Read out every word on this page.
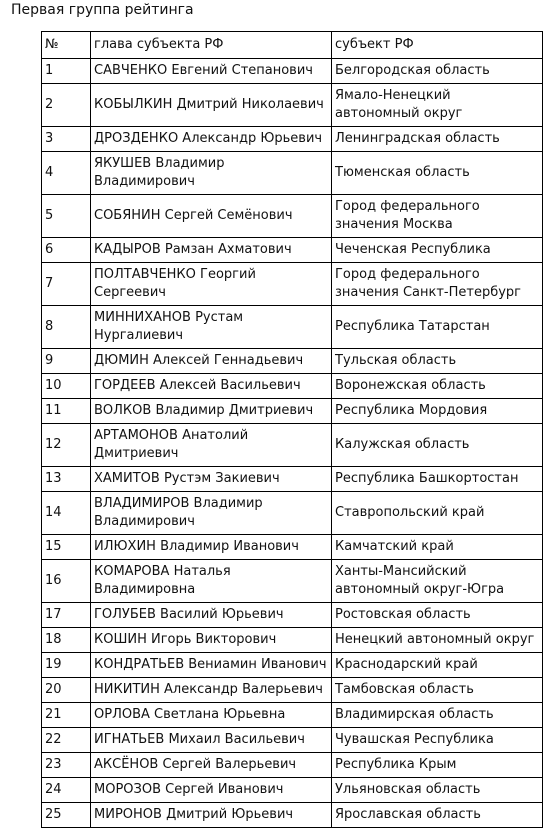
Первая группа рейтинга
№	глава субъекта РФ	субъект РФ
1	САВЧЕНКО Евгений Степанович	Белгородская область
2	КОБЫЛКИН Дмитрий Николаевич	Ямало-Ненецкий автономный округ
3	ДРОЗДЕНКО Александр Юрьевич	Ленинградская область
4	ЯКУШЕВ Владимир Владимирович	Тюменская область
5	СОБЯНИН Сергей Семёнович	Город федерального значения Москва
6	КАДЫРОВ Рамзан Ахматович	Чеченская Республика
7	ПОЛТАВЧЕНКО Георгий Сергеевич	Город федерального значения Санкт-Петербург
8	МИННИХАНОВ Рустам Нургалиевич	Республика Татарстан
9	ДЮМИН Алексей Геннадьевич	Тульская область
10	ГОРДЕЕВ Алексей Васильевич	Воронежская область
11	ВОЛКОВ Владимир Дмитриевич	Республика Мордовия
12	АРТАМОНОВ Анатолий Дмитриевич	Калужская область
13	ХАМИТОВ Рустэм Закиевич	Республика Башкортостан
14	ВЛАДИМИРОВ Владимир Владимирович	Ставропольский край
15	ИЛЮХИН Владимир Иванович	Камчатский край
16	КОМАРОВА Наталья Владимировна	Ханты-Мансийский автономный округ-Югра
17	ГОЛУБЕВ Василий Юрьевич	Ростовская область
18	КОШИН Игорь Викторович	Ненецкий автономный округ
19	КОНДРАТЬЕВ Вениамин Иванович	Краснодарский край
20	НИКИТИН Александр Валерьевич	Тамбовская область
21	ОРЛОВА Светлана Юрьевна	Владимирская область
22	ИГНАТЬЕВ Михаил Васильевич	Чувашская Республика
23	АКСЁНОВ Сергей Валерьевич	Республика Крым
24	МОРОЗОВ Сергей Иванович	Ульяновская область
25	МИРОНОВ Дмитрий Юрьевич	Ярославская область
